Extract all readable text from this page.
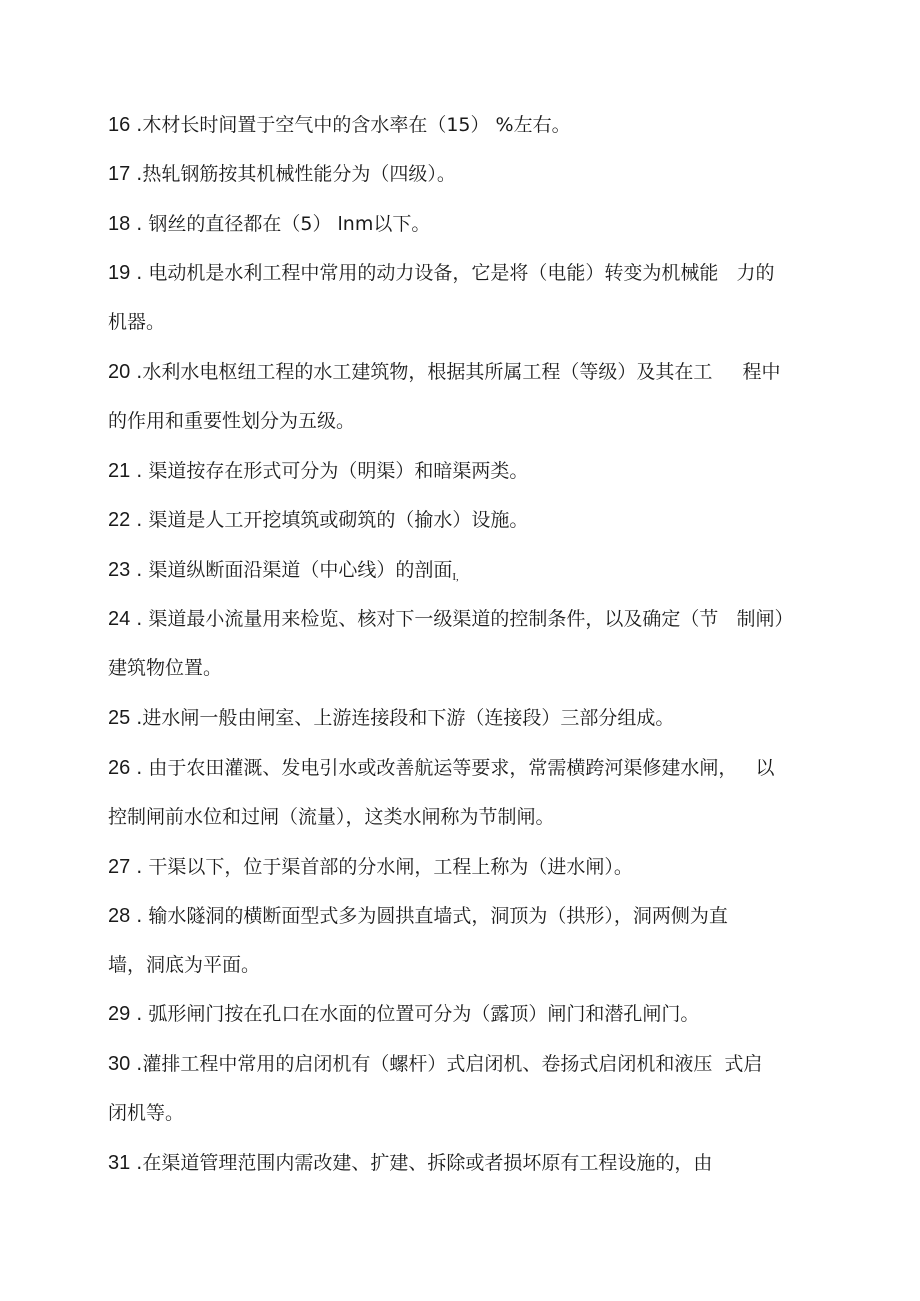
16 .木材长时间置于空气中的含水率在（15） %左右。
17 .热轧钢筋按其机械性能分为（四级）。
18 . 钢丝的直径都在（5） lnm以下。
19 . 电动机是水利工程中常用的动力设备，它是将（电能）转变为机械能   力的
机器。
20 .水利水电枢纽工程的水工建筑物，根据其所属工程（等级）及其在工     程中
的作用和重要性划分为五级。
21 . 渠道按存在形式可分为（明渠）和暗渠两类。
22 . 渠道是人工开挖填筑或砌筑的（揄水）设施。
23 . 渠道纵断面沿渠道（中心线）的剖面$_{I,}$
24 . 渠道最小流量用来检览、核对下一级渠道的控制条件，以及确定（节   制闸）
建筑物位置。
25 .进水闸一般由闸室、上游连接段和下游（连接段）三部分组成。
26 . 由于农田灌溉、发电引水或改善航运等要求，常需横跨河渠修建水闸，   以
控制闸前水位和过闸（流量），这类水闸称为节制闸。
27 . 干渠以下，位于渠首部的分水闸，工程上称为（进水闸）。
28 . 输水隧洞的横断面型式多为圆拱直墙式，洞顶为（拱形），洞两侧为直
墙，洞底为平面。
29 . 弧形闸门按在孔口在水面的位置可分为（露顶）闸门和潜孔闸门。
30 .灌排工程中常用的启闭机有（螺杆）式启闭机、卷扬式启闭机和液压  式启
闭机等。
31 .在渠道管理范围内需改建、扩建、拆除或者损坏原有工程设施的，由
